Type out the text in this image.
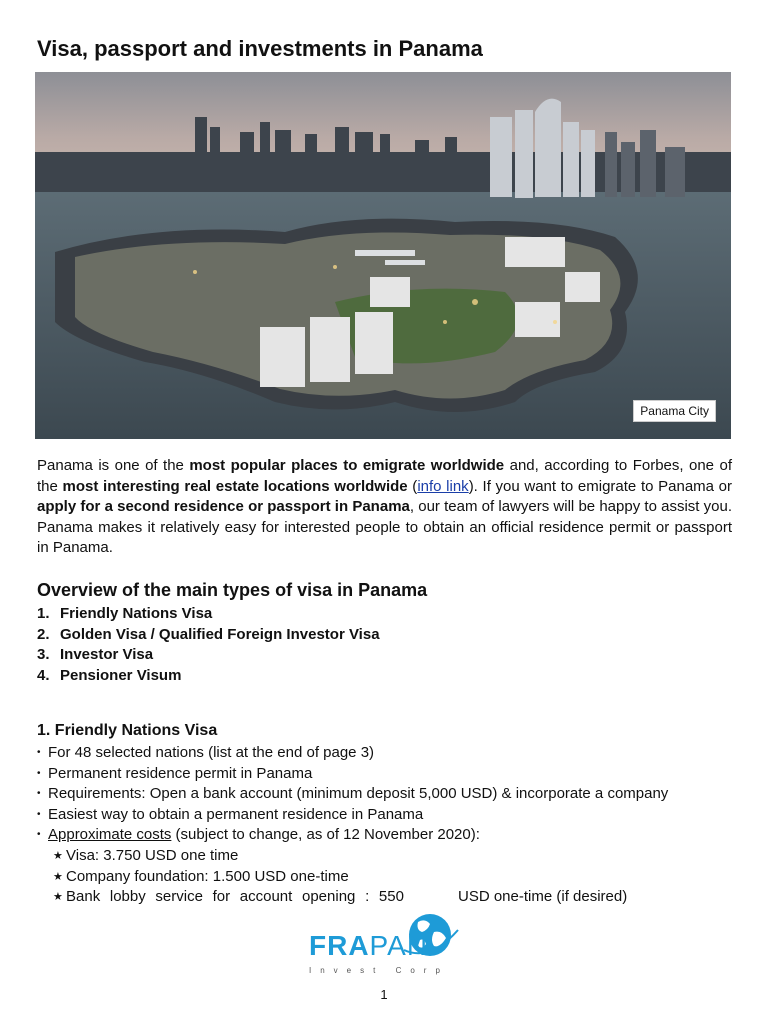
Visa, passport and investments in Panama
Panama City

Panama is one of the most popular places to emigrate worldwide and, according to Forbes, one of the most interesting real estate locations worldwide (info link). If you want to emigrate to Panama or apply for a second residence or passport in Panama, our team of lawyers will be happy to assist you. Panama makes it relatively easy for interested people to obtain an official residence permit or passport in Panama.

Overview of the main types of visa in Panama
1. Friendly Nations Visa
2. Golden Visa / Qualified Foreign Investor Visa
3. Investor Visa
4. Pensioner Visum
1. Friendly Nations Visa
• For 48 selected nations (list at the end of page 3)
• Permanent residence permit in Panama
• Requirements: Open a bank account (minimum deposit 5,000 USD) & incorporate a company
• Easiest way to obtain a permanent residence in Panama
• Approximate costs (subject to change, as of 12 November 2020):
★ Visa: 3.750 USD one time
★ Company foundation: 1.500 USD one-time
★ Bank lobby service for account opening : 550	USD one-time (if desired)
FRAPAN
Invest Corp
1
